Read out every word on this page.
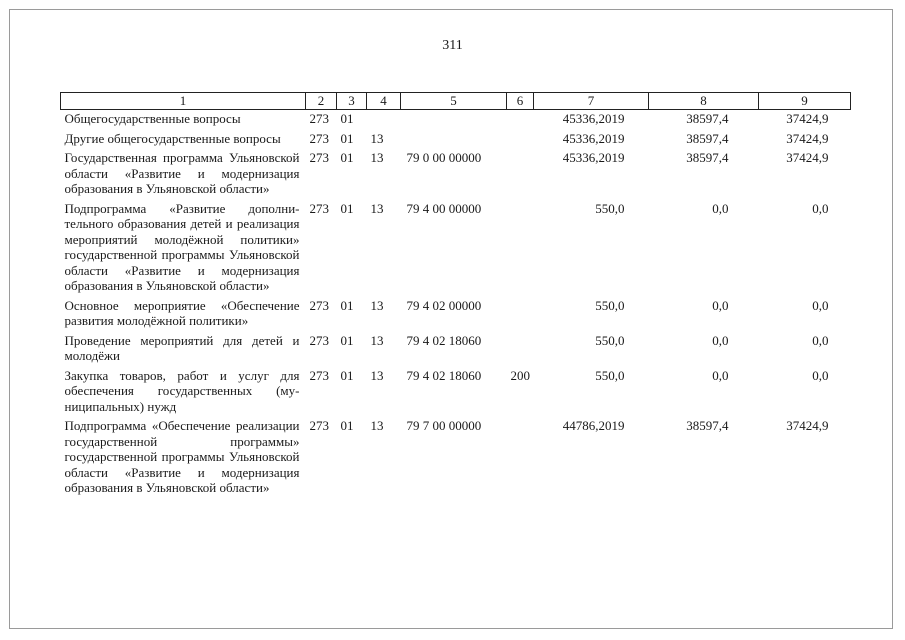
311
1	2	3	4	5	6	7	8	9
Общегосударственные вопросы	273	01				45336,2019	38597,4	37424,9
Другие общегосударственные вопросы	273	01	13			45336,2019	38597,4	37424,9
Государственная программа Ульяновской области «Развитие и модернизация образования в Ульяновской области»	273	01	13	79 0 00 00000		45336,2019	38597,4	37424,9
Подпрограмма «Развитие дополнительного образования детей и реализация мероприятий молодёжной политики» государственной программы Ульяновской области «Развитие и модернизация образования в Ульяновской области»	273	01	13	79 4 00 00000		550,0	0,0	0,0
Основное мероприятие «Обеспечение развития молодёжной политики»	273	01	13	79 4 02 00000		550,0	0,0	0,0
Проведение мероприятий для детей и молодёжи	273	01	13	79 4 02 18060		550,0	0,0	0,0
Закупка товаров, работ и услуг для обеспечения государственных (муниципальных) нужд	273	01	13	79 4 02 18060	200	550,0	0,0	0,0
Подпрограмма «Обеспечение реализации государственной программы» государственной программы Ульяновской области «Развитие и модернизация образования в Ульяновской области»	273	01	13	79 7 00 00000		44786,2019	38597,4	37424,9
